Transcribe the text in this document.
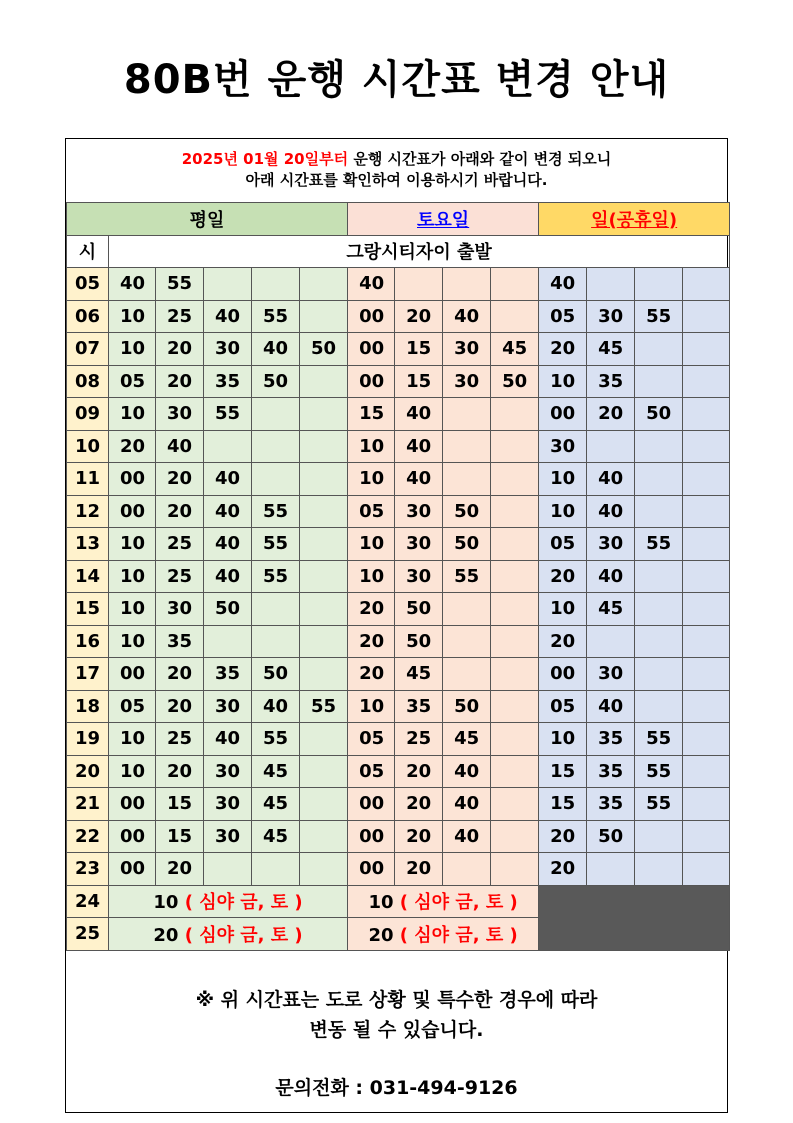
80B번 운행 시간표 변경 안내
2025년 01월 20일부터 운행 시간표가 아래와 같이 변경 되오니
아래 시간표를 확인하여 이용하시기 바랍니다.
평일						토요일				일(공휴일)			
시	그랑시티자이 출발												
05	40	55				40				40			
06	10	25	40	55		00	20	40		05	30	55	
07	10	20	30	40	50	00	15	30	45	20	45		
08	05	20	35	50		00	15	30	50	10	35		
09	10	30	55			15	40			00	20	50	
10	20	40				10	40			30			
11	00	20	40			10	40			10	40		
12	00	20	40	55		05	30	50		10	40		
13	10	25	40	55		10	30	50		05	30	55	
14	10	25	40	55		10	30	55		20	40		
15	10	30	50			20	50			10	45		
16	10	35				20	50			20			
17	00	20	35	50		20	45			00	30		
18	05	20	30	40	55	10	35	50		05	40		
19	10	25	40	55		05	25	45		10	35	55	
20	10	20	30	45		05	20	40		15	35	55	
21	00	15	30	45		00	20	40		15	35	55	
22	00	15	30	45		00	20	40		20	50		
23	00	20				00	20			20			
24	10 ( 심야 금, 토 )					10 ( 심야 금, 토 )							
25	20 ( 심야 금, 토 )					20 ( 심야 금, 토 )							
※ 위 시간표는 도로 상황 및 특수한 경우에 따라
변동 될 수 있습니다.
문의전화 : 031-494-9126
